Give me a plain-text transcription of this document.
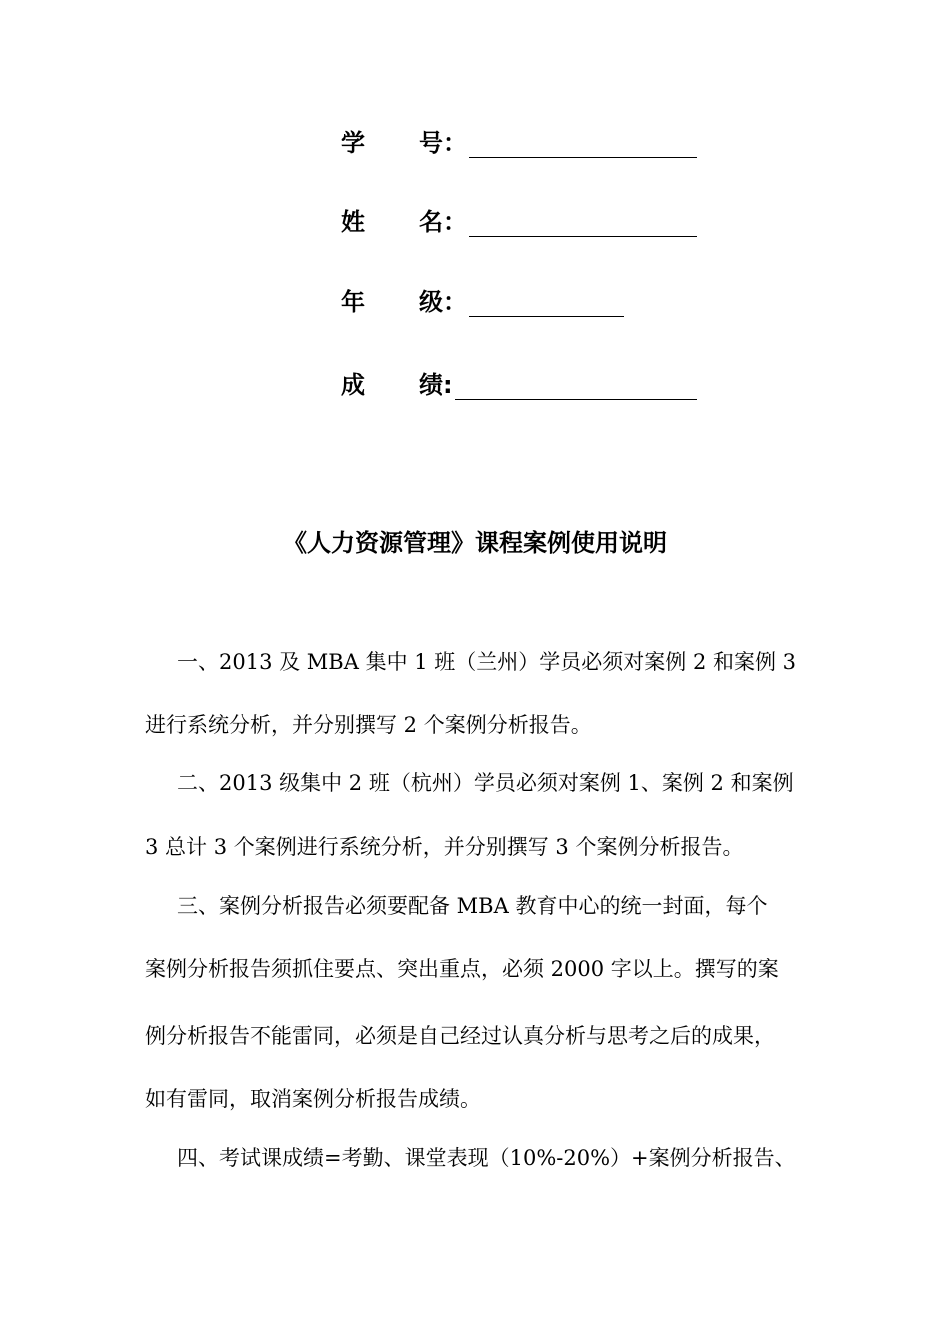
学	号：
姓	名：
年	级：
成	绩:
《人力资源管理》课程案例使用说明
一、2013 及 MBA 集中 1 班（兰州）学员必须对案例 2 和案例 3
进行系统分析，并分别撰写 2 个案例分析报告。
二、2013 级集中 2 班（杭州）学员必须对案例 1、案例 2 和案例
3 总计 3 个案例进行系统分析，并分别撰写 3 个案例分析报告。
三、案例分析报告必须要配备 MBA 教育中心的统一封面，每个
案例分析报告须抓住要点、突出重点，必须 2000 字以上。撰写的案
例分析报告不能雷同，必须是自己经过认真分析与思考之后的成果，
如有雷同，取消案例分析报告成绩。
四、考试课成绩=考勤、课堂表现（10%-20%）+案例分析报告、
